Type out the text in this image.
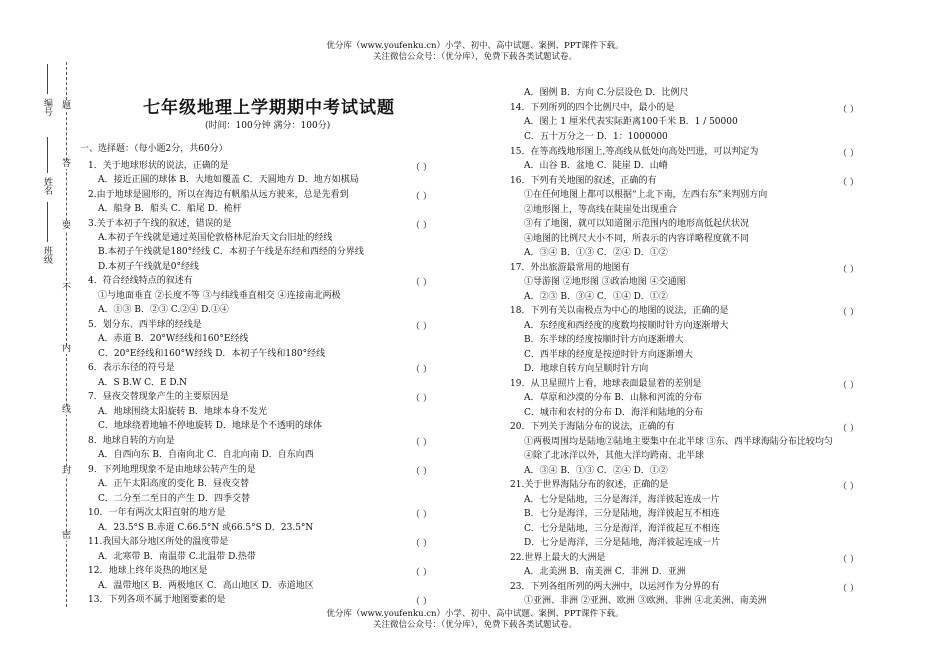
优分库（www.youfenku.cn）小学、初中、高中试题、案例、PPT课件下载。
关注微信公众号：（优分库），免费下载各类试题试卷。
编号
姓名
班级
题
答
要
不
内
线
封
密
七年级地理上学期期中考试试题
(时间：100分钟 满分：100分)
一、选择题：（每小题2分，共60分）
1．关于地球形状的说法，正确的是
A．接近正圆的球体 B．大地如覆盖 C．天圆地方 D．地方如棋局
2.由于地球是圆形的，所以在海边有帆船从远方驶来，总是先看到
A．船身 B．船头 C．船尾 D．桅杆
3.关于本初子午线的叙述，错误的是
A.本初子午线就是通过英国伦敦格林尼治天文台旧址的经线
B.本初子午线就是180°经线 C．本初子午线是东经和西经的分界线
D.本初子午线就是0°经线
4．符合经线特点的叙述有
①与地面垂直 ②长度不等 ③与纬线垂直相交 ④连接南北两极
A．①③ B．②③ C.②④ D.①④
5．划分东、西半球的经线是
A．赤道 B．20°W经线和160°E经线
C．20°E经线和160°W经线 D．本初子午线和180°经线
6．表示东径的符号是
A．S B.W C．E D.N
7．昼夜交替现象产生的主要原因是
A．地球围绕太阳旋转 B．地球本身不发光
C．地球绕着地轴不停地旋转 D．地球是个不透明的球体
8．地球自转的方向是
A．自西向东 B．自南向北 C．自北向南 D．自东向西
9．下列地理现象不是由地球公转产生的是
A．正午太阳高度的变化 B．昼夜交替
C．二分至二至日的产生 D．四季交替
10．一年有两次太阳直射的地方是
A．23.5°S B.赤道 C.66.5°N 或66.5°S D．23.5°N
11.我国大部分地区所处的温度带是
A．北寒带 B．南温带 C.北温带 D.热带
12．地球上终年炎热的地区是
A．温带地区 B．两极地区 C．高山地区 D．赤道地区
13．下列各项不属于地图要素的是
（ ）
（ ）
（ ）
（ ）
（ ）
（ ）
（ ）
（ ）
（ ）
（ ）
（ ）
（ ）
（ ）
A．图例 B．方向 C.分层设色 D．比例尺
14．下列所列的四个比例尺中，最小的是
A．图上 1 厘米代表实际距离100千米 B．1 / 50000
C．五十万分之一 D．1：1000000
15．在等高线地形图上,等高线从低处向高处凹进，可以判定为
A．山谷 B．盆地 C．陡崖 D．山嵴
16．下列有关地图的叙述，正确的有
①在任何地图上都可以根据“上北下南，左西右东”来判别方向
②地形图上，等高线在陡崖处出现重合
③有了地图，就可以知道图示范围内的地形高低起伏状况
④地图的比例尺大小不同，所表示的内容详略程度就不同
A．③④ B．①③ C．②④ D．①②
17．外出旅游最常用的地图有
①导游图 ②地形图 ③政治地图 ④交通图
A．②③ B．③④ C．①④ D．①②
18．下列有关以南极点为中心的地图的说法，正确的是
A．东经度和西经度的度数均按顺时针方向逐渐增大
B．东半球的经度按顺时针方向逐渐增大
C．西半球的经度是按逆时针方向逐渐增大
D．地球自转方向呈顺时针方向
19．从卫星照片上看，地球表面最显着的差别是
A．草原和沙漠的分布 B．山脉和河流的分布
C．城市和农村的分布 D．海洋和陆地的分布
20．下列关于海陆分布的说法，正确的有
①两极周围均是陆地②陆地主要集中在北半球 ③东、西半球海陆分布比较均匀
④除了北冰洋以外，其他大洋均跨南、北半球
A．③④ B．①③ C．②④ D．①②
21.关于世界海陆分布的叙述，正确的是
A．七分是陆地，三分是海洋，海洋彼起连成一片
B．七分是海洋，三分是陆地，海洋彼起互不相连
C．七分是陆地，三分是海洋，海洋彼起互不相连
D．七分是海洋，三分是陆地，海洋彼起连成一片
22.世界上最大的大洲是
A．北美洲 B．南美洲 C．非洲 D．亚洲
23．下列各组所列的两大洲中，以运河作为分界的有
①亚洲、非洲 ②亚洲、欧洲 ③欧洲、非洲 ④北美洲、南美洲
（ ）
（ ）
（ ）
（ ）
（ ）
（ ）
（ ）
（ ）
（ ）
（ ）
优分库（www.youfenku.cn）小学、初中、高中试题、案例、PPT课件下载。
关注微信公众号：（优分库），免费下载各类试题试卷。
